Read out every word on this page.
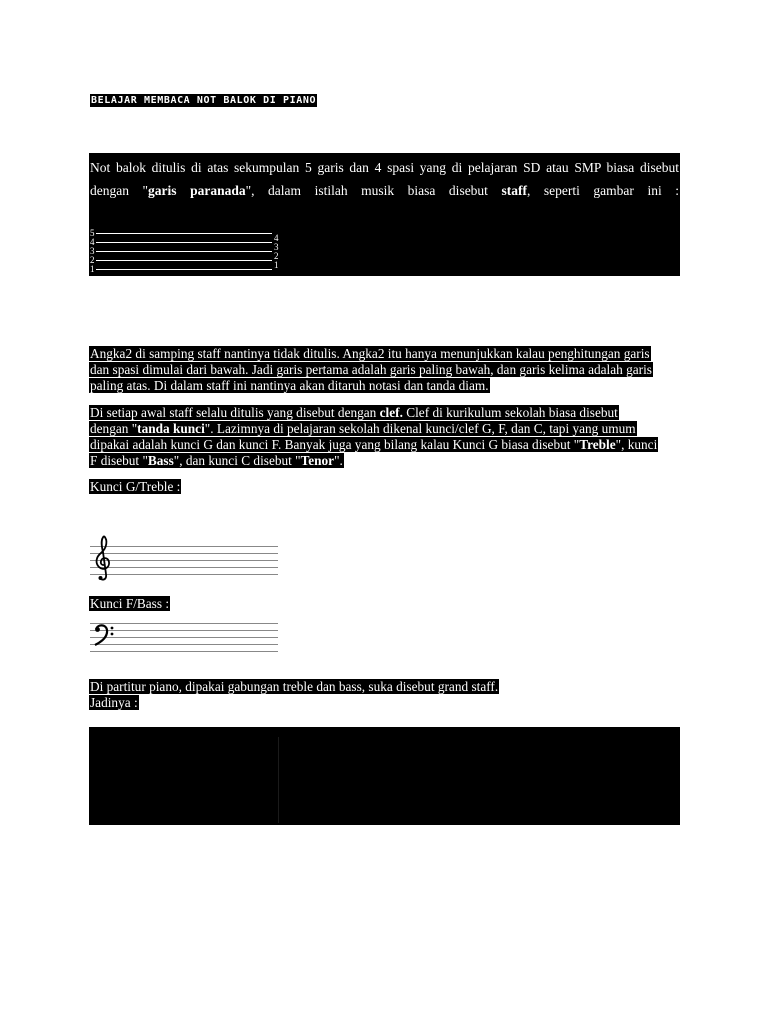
BELAJAR MEMBACA NOT BALOK DI PIANO
Not balok ditulis di atas sekumpulan 5 garis dan 4 spasi yang di pelajaran SD atau SMP biasa disebut dengan "garis paranada", dalam istilah musik biasa disebut staff, seperti gambar ini :
5
4
3
2
1
4
3
2
1
Angka2 di samping staff nantinya tidak ditulis. Angka2 itu hanya menunjukkan kalau penghitungan garis
dan spasi dimulai dari bawah. Jadi garis pertama adalah garis paling bawah, dan garis kelima adalah garis
paling atas. Di dalam staff ini nantinya akan ditaruh notasi dan tanda diam.
Di setiap awal staff selalu ditulis yang disebut dengan clef. Clef di kurikulum sekolah biasa disebut
dengan "tanda kunci". Lazimnya di pelajaran sekolah dikenal kunci/clef G, F, dan C, tapi yang umum
dipakai adalah kunci G dan kunci F. Banyak juga yang bilang kalau Kunci G biasa disebut "Treble", kunci
F disebut "Bass", dan kunci C disebut "Tenor".
Kunci G/Treble :
Kunci F/Bass :
Di partitur piano, dipakai gabungan treble dan bass, suka disebut grand staff.
Jadinya :
